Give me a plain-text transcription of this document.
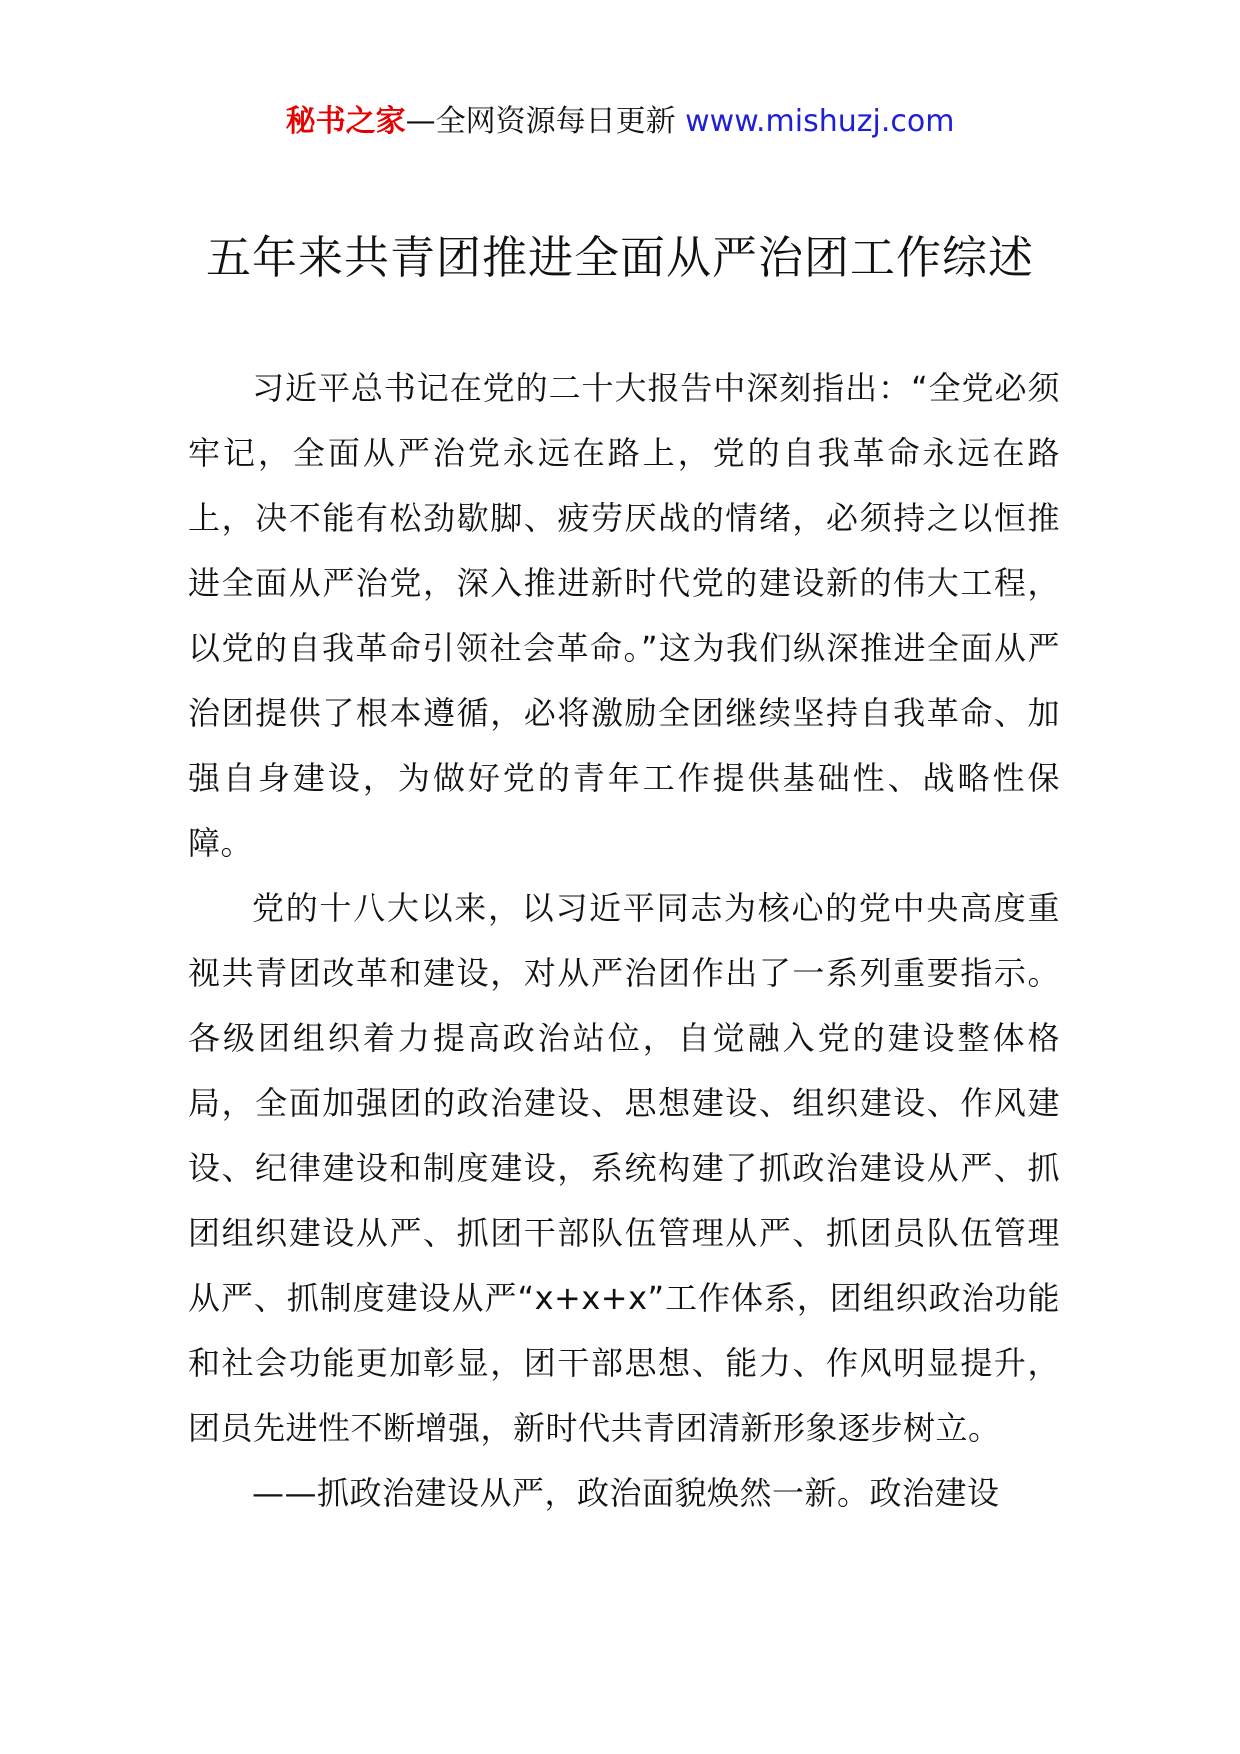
秘书之家—全网资源每日更新 www.mishuzj.com
五年来共青团推进全面从严治团工作综述

习近平总书记在党的二十大报告中深刻指出：“全党必须牢记，全面从严治党永远在路上，党的自我革命永远在路上，决不能有松劲歇脚、疲劳厌战的情绪，必须持之以恒推进全面从严治党，深入推进新时代党的建设新的伟大工程，以党的自我革命引领社会革命。”这为我们纵深推进全面从严治团提供了根本遵循，必将激励全团继续坚持自我革命、加强自身建设，为做好党的青年工作提供基础性、战略性保障。

党的十八大以来，以习近平同志为核心的党中央高度重视共青团改革和建设，对从严治团作出了一系列重要指示。各级团组织着力提高政治站位，自觉融入党的建设整体格局，全面加强团的政治建设、思想建设、组织建设、作风建设、纪律建设和制度建设，系统构建了抓政治建设从严、抓团组织建设从严、抓团干部队伍管理从严、抓团员队伍管理从严、抓制度建设从严“x+x+x”工作体系，团组织政治功能和社会功能更加彰显，团干部思想、能力、作风明显提升，团员先进性不断增强，新时代共青团清新形象逐步树立。

——抓政治建设从严，政治面貌焕然一新。政治建设
